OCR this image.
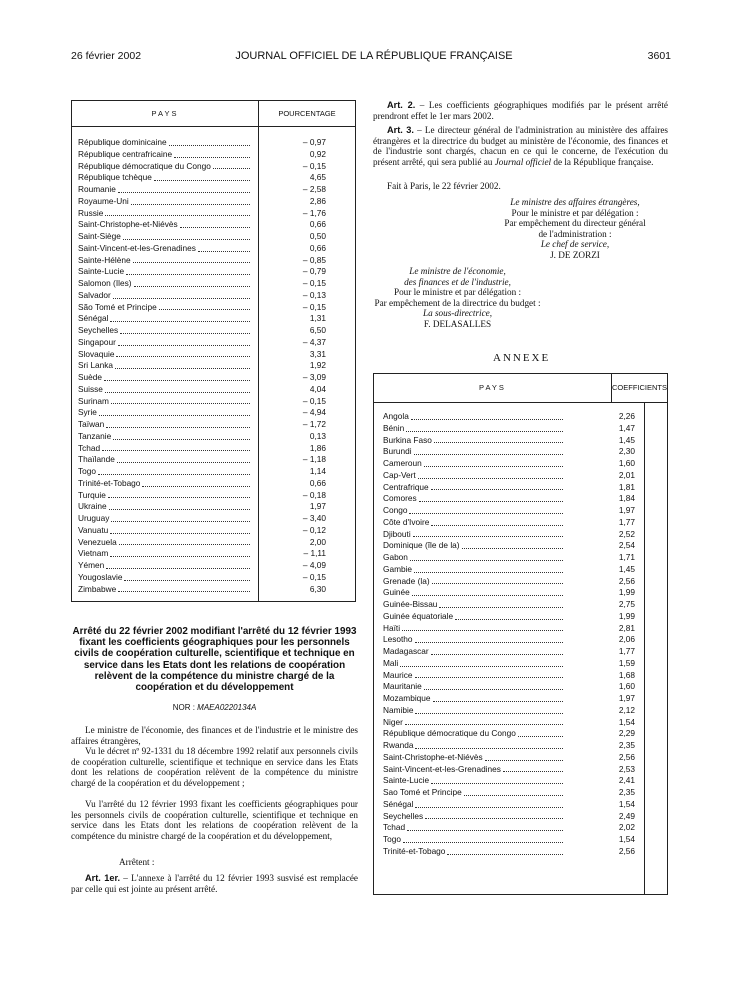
26 février 2002	JOURNAL OFFICIEL DE LA RÉPUBLIQUE FRANÇAISE	3601
PAYS	POURCENTAGE
République dominicaine	– 0,97
République centrafricaine	0,92
République démocratique du Congo	– 0,15
République tchèque	4,65
Roumanie	– 2,58
Royaume-Uni	2,86
Russie	– 1,76
Saint-Christophe-et-Niévès	0,66
Saint-Siège	0,50
Saint-Vincent-et-les-Grenadines	0,66
Sainte-Hélène	– 0,85
Sainte-Lucie	– 0,79
Salomon (Iles)	– 0,15
Salvador	– 0,13
São Tomé et Principe	– 0,15
Sénégal	1,31
Seychelles	6,50
Singapour	– 4,37
Slovaquie	3,31
Sri Lanka	1,92
Suède	– 3,09
Suisse	4,04
Surinam	– 0,15
Syrie	– 4,94
Taïwan	– 1,72
Tanzanie	0,13
Tchad	1,86
Thaïlande	– 1,18
Togo	1,14
Trinité-et-Tobago	0,66
Turquie	– 0,18
Ukraine	1,97
Uruguay	– 3,40
Vanuatu	– 0,12
Venezuela	2,00
Vietnam	– 1,11
Yémen	– 4,09
Yougoslavie	– 0,15
Zimbabwe	6,30
Arrêté du 22 février 2002 modifiant l'arrêté du 12 février 1993 fixant les coefficients géographiques pour les personnels civils de coopération culturelle, scientifique et technique en service dans les Etats dont les relations de coopération relèvent de la compétence du ministre chargé de la coopération et du développement
NOR : MAEA0220134A
Le ministre de l'économie, des finances et de l'industrie et le ministre des affaires étrangères,
Vu le décret nº 92-1331 du 18 décembre 1992 relatif aux personnels civils de coopération culturelle, scientifique et technique en service dans les Etats dont les relations de coopération relèvent de la compétence du ministre chargé de la coopération et du développement ;
Vu l'arrêté du 12 février 1993 fixant les coefficients géographiques pour les personnels civils de coopération culturelle, scientifique et technique en service dans les Etats dont les relations de coopération relèvent de la compétence du ministre chargé de la coopération et du développement,
Arrêtent :
Art. 1er. – L'annexe à l'arrêté du 12 février 1993 susvisé est remplacée par celle qui est jointe au présent arrêté.
Art. 2. – Les coefficients géographiques modifiés par le présent arrêté prendront effet le 1er mars 2002.
Art. 3. – Le directeur général de l'administration au ministère des affaires étrangères et la directrice du budget au ministère de l'économie, des finances et de l'industrie sont chargés, chacun en ce qui le concerne, de l'exécution du présent arrêté, qui sera publié au Journal officiel de la République française.
Fait à Paris, le 22 février 2002.
Le ministre des affaires étrangères,
Pour le ministre et par délégation :
Par empêchement du directeur général
de l'administration :
Le chef de service,
J. DE ZORZI
Le ministre de l'économie,
des finances et de l'industrie,
Pour le ministre et par délégation :
Par empêchement de la directrice du budget :
La sous-directrice,
F. DELASALLES
ANNEXE
PAYS	COEFFICIENTS
Angola	2,26
Bénin	1,47
Burkina Faso	1,45
Burundi	2,30
Cameroun	1,60
Cap-Vert	2,01
Centrafrique	1,81
Comores	1,84
Congo	1,97
Côte d'Ivoire	1,77
Djibouti	2,52
Dominique (île de la)	2,54
Gabon	1,71
Gambie	1,45
Grenade (la)	2,56
Guinée	1,99
Guinée-Bissau	2,75
Guinée équatoriale	1,99
Haïti	2,81
Lesotho	2,06
Madagascar	1,77
Mali	1,59
Maurice	1,68
Mauritanie	1,60
Mozambique	1,97
Namibie	2,12
Niger	1,54
République démocratique du Congo	2,29
Rwanda	2,35
Saint-Christophe-et-Niévès	2,56
Saint-Vincent-et-les-Grenadines	2,53
Sainte-Lucie	2,41
Sao Tomé et Principe	2,35
Sénégal	1,54
Seychelles	2,49
Tchad	2,02
Togo	1,54
Trinité-et-Tobago	2,56
